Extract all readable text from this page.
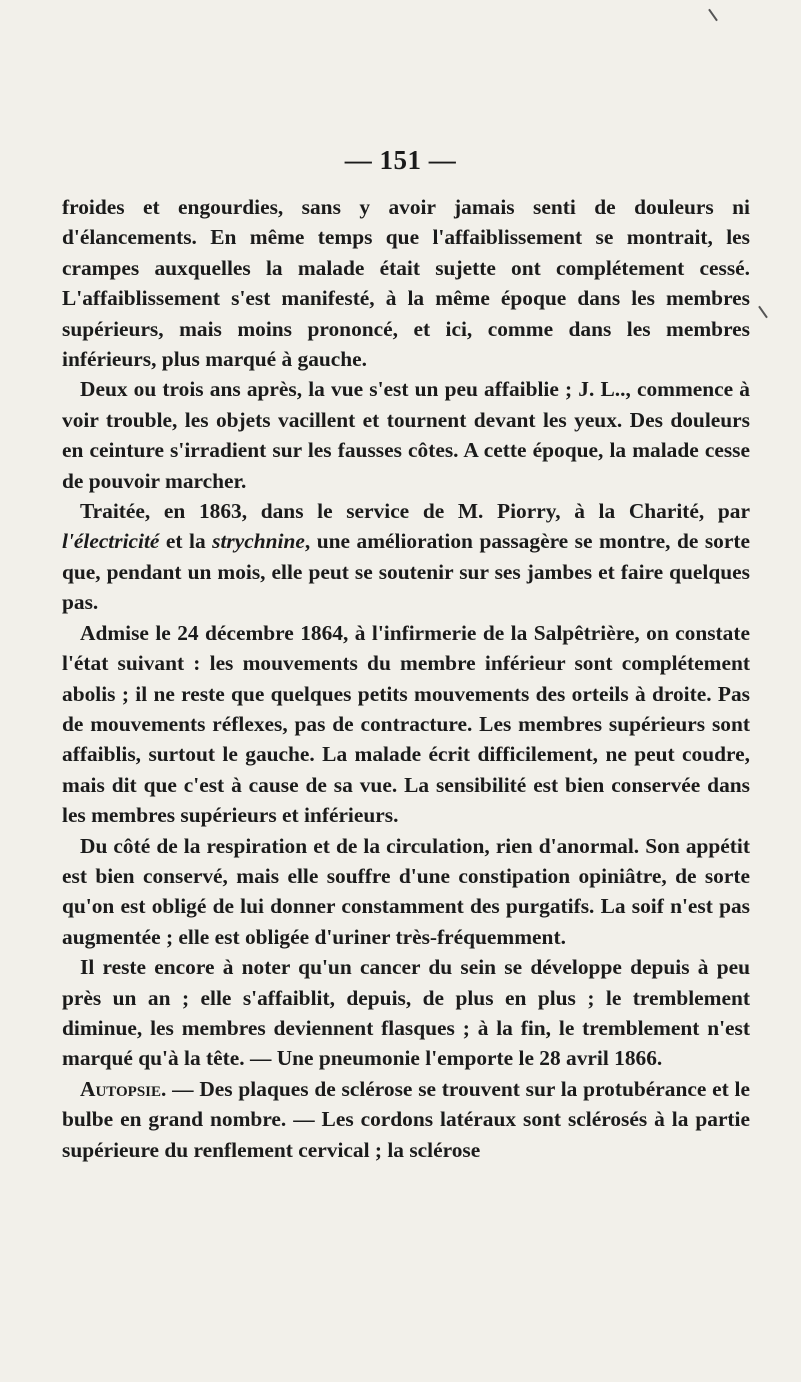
— 151 —

froides et engourdies, sans y avoir jamais senti de douleurs ni d'élancements. En même temps que l'affaiblissement se montrait, les crampes auxquelles la malade était sujette ont complétement cessé. L'affaiblissement s'est manifesté, à la même époque dans les membres supérieurs, mais moins prononcé, et ici, comme dans les membres inférieurs, plus marqué à gauche.

Deux ou trois ans après, la vue s'est un peu affaiblie ; J. L.., commence à voir trouble, les objets vacillent et tournent devant les yeux. Des douleurs en ceinture s'irradient sur les fausses côtes. A cette époque, la malade cesse de pouvoir marcher.

Traitée, en 1863, dans le service de M. Piorry, à la Charité, par l'électricité et la strychnine, une amélioration passagère se montre, de sorte que, pendant un mois, elle peut se soutenir sur ses jambes et faire quelques pas.

Admise le 24 décembre 1864, à l'infirmerie de la Salpêtrière, on constate l'état suivant : les mouvements du membre inférieur sont complétement abolis ; il ne reste que quelques petits mouvements des orteils à droite. Pas de mouvements réflexes, pas de contracture. Les membres supérieurs sont affaiblis, surtout le gauche. La malade écrit difficilement, ne peut coudre, mais dit que c'est à cause de sa vue. La sensibilité est bien conservée dans les membres supérieurs et inférieurs.

Du côté de la respiration et de la circulation, rien d'anormal. Son appétit est bien conservé, mais elle souffre d'une constipation opiniâtre, de sorte qu'on est obligé de lui donner constamment des purgatifs. La soif n'est pas augmentée ; elle est obligée d'uriner très-fréquemment.

Il reste encore à noter qu'un cancer du sein se développe depuis à peu près un an ; elle s'affaiblit, depuis, de plus en plus ; le tremblement diminue, les membres deviennent flasques ; à la fin, le tremblement n'est marqué qu'à la tête. — Une pneumonie l'emporte le 28 avril 1866.

Autopsie. — Des plaques de sclérose se trouvent sur la protubérance et le bulbe en grand nombre. — Les cordons latéraux sont sclérosés à la partie supérieure du renflement cervical ; la sclérose
